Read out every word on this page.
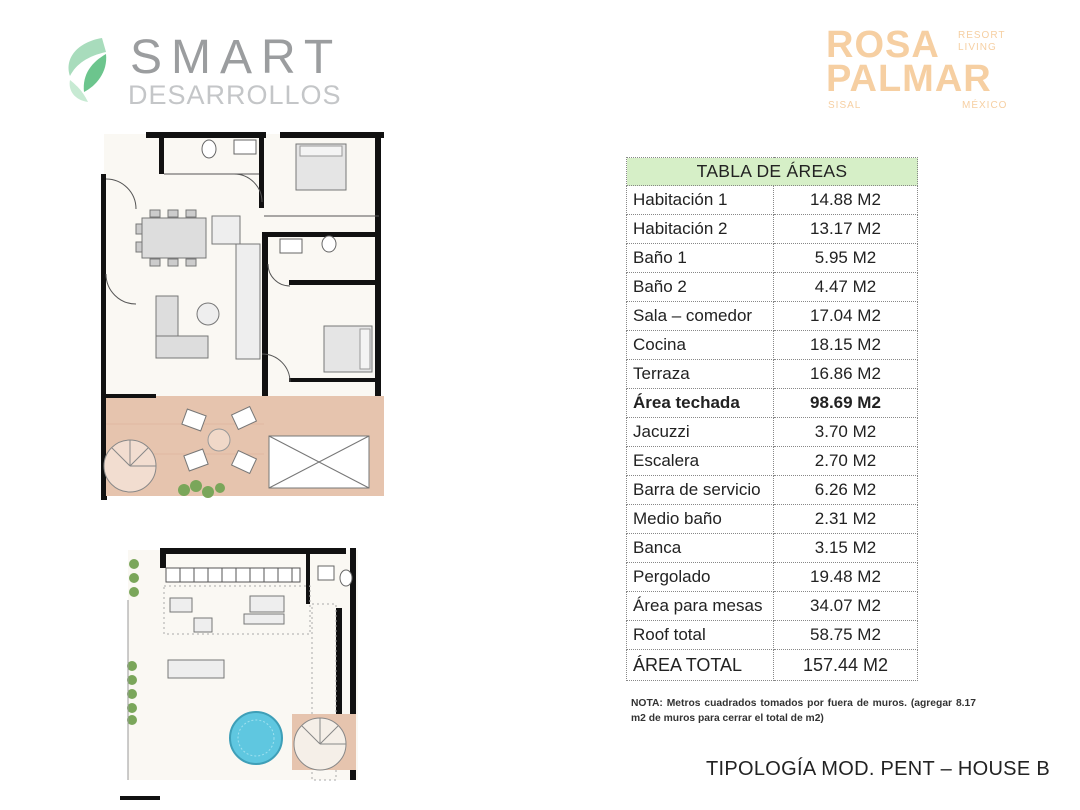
SMART
DESARROLLOS
ROSA
PALMAR
RESORT
LIVING
SISAL	MÉXICO
TABLA DE ÁREAS	
Habitación 1	14.88 M2
Habitación 2	13.17 M2
Baño 1	5.95 M2
Baño 2	4.47 M2
Sala – comedor	17.04 M2
Cocina	18.15 M2
Terraza	16.86 M2
Área techada	98.69 M2
Jacuzzi	3.70 M2
Escalera	2.70 M2
Barra de servicio	6.26 M2
Medio baño	2.31 M2
Banca	3.15 M2
Pergolado	19.48 M2
Área para mesas	34.07 M2
Roof total	58.75 M2
ÁREA TOTAL	157.44 M2
NOTA: Metros cuadrados tomados por fuera de muros. (agregar 8.17 m2 de muros para cerrar el total de m2)
TIPOLOGÍA MOD. PENT – HOUSE B
